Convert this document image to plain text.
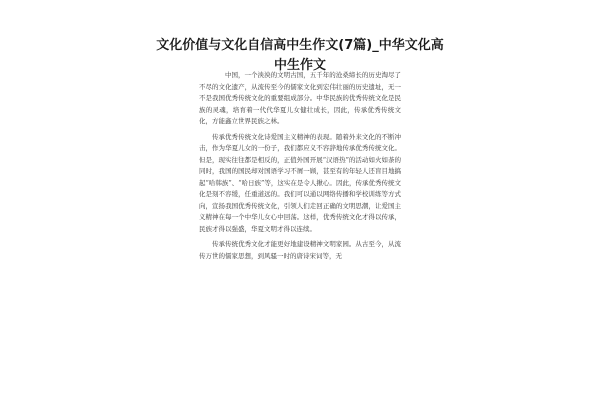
文化价值与文化自信高中生作文(7篇)_中华文化高中生作文

中国，一个泱泱的文明古国，五千年的沧桑缔长的历史淘尽了不尽的文化遗产，从流传至今的儒家文化到宏伟壮丽的历史遗址，无一不是我国优秀传统文化的重要组成部分。中华民族的优秀传统文化是民族的灵魂，培育着一代代华夏儿女健壮成长，因此，传承优秀传统文化，方能鑫立世界民族之林。

传承优秀传统文化诗爱国主义精神的表现。随着外来文化的不断冲击，作为华夏儿女的一份子，我们都应义不容辞地传承优秀传统文化。但是，现实往往都是相反的，正值外国开展“汉语热”的活动如火如荼的同时，我国的国民却对国语学习不屑一顾，甚至有的年轻人还盲目地搞起“哈韩族”、“哈日族”等，这实在是令人揪心。因此，传承优秀传统文化是刻不容缓，任重道远的。我们可以通以网络传播和学校训练等方式向，宣扬我国优秀传统文化，引领人们走回正确的文明思潮，让爱国主义精神在每一个中华儿女心中回荡。这样，优秀传统文化才得以传承，民族才得以强盛，华夏文明才得以连续。

传承传统优秀文化才能更好地建设精神文明家园。从古至今，从流传万世的儒家思想，到风骚一时的唐诗宋词等，无
